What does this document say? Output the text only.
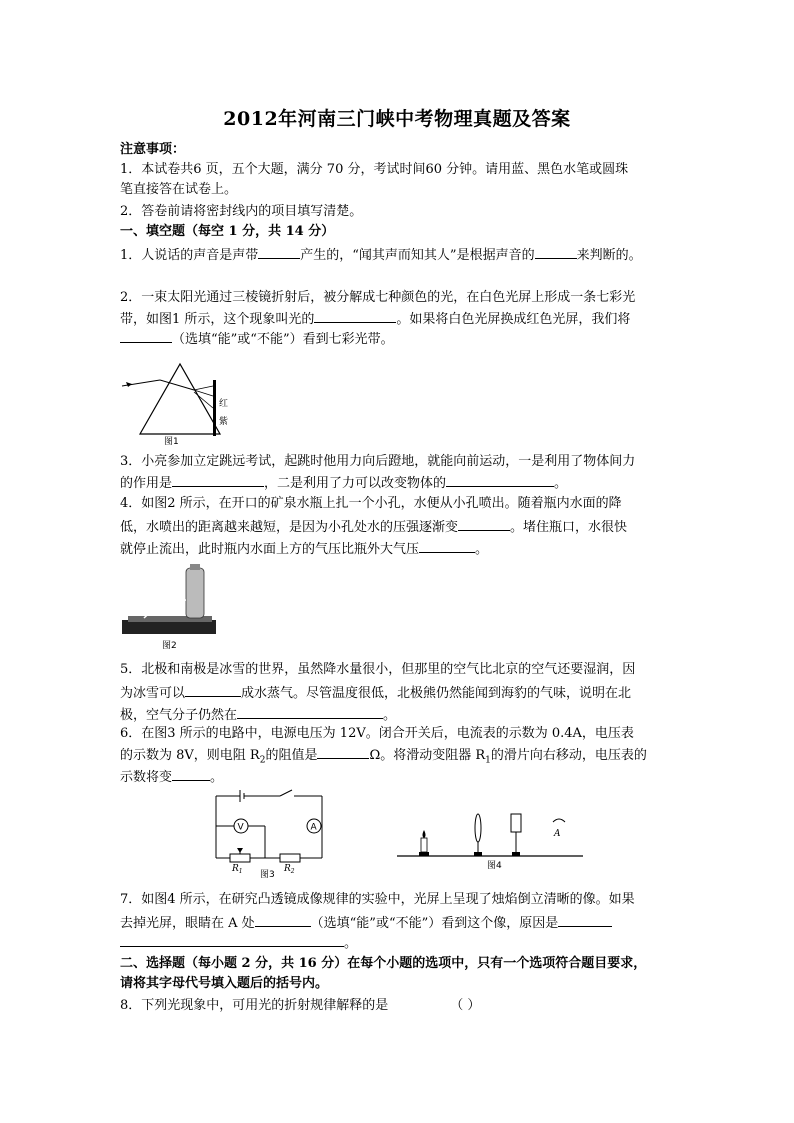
2012年河南三门峡中考物理真题及答案
注意事项：
1．本试卷共6 页，五个大题，满分 70 分，考试时间60 分钟。请用蓝、黑色水笔或圆珠
笔直接答在试卷上。
2．答卷前请将密封线内的项目填写清楚。
一、填空题（每空 1 分，共 14 分）
1．人说话的声音是声带	产生的，“闻其声而知其人”是根据声音的	来判断的。
2．一束太阳光通过三棱镜折射后，被分解成七种颜色的光，在白色光屏上形成一条七彩光
带，如图1 所示，这个现象叫光的	。如果将白色光屏换成红色光屏，我们将
（选填“能”或“不能”）看到七彩光带。
红
紫
图1
3．小亮参加立定跳远考试，起跳时他用力向后蹬地，就能向前运动，一是利用了物体间力
的作用是	，二是利用了力可以改变物体的	。
4．如图2 所示，在开口的矿泉水瓶上扎一个小孔，水便从小孔喷出。随着瓶内水面的降
低，水喷出的距离越来越短，是因为小孔处水的压强逐渐变	。堵住瓶口，水很快
就停止流出，此时瓶内水面上方的气压比瓶外大气压	。
图2
5．北极和南极是冰雪的世界，虽然降水量很小，但那里的空气比北京的空气还要湿润，因
为冰雪可以	成水蒸气。尽管温度很低，北极熊仍然能闻到海豹的气味，说明在北
极，空气分子仍然在	。
6．在图3 所示的电路中，电源电压为 12V。闭合开关后，电流表的示数为 0.4A，电压表
的示数为 8V，则电阻 $R_2$的阻值是	Ω。将滑动变阻器 $R_1$的滑片向右移动，电压表的
示数将变	。
V	A
$R_1$	$R_2$
图3
A
图4
7．如图4 所示，在研究凸透镜成像规律的实验中，光屏上呈现了烛焰倒立清晰的像。如果
去掉光屏，眼睛在 A 处	（选填“能”或“不能”）看到这个像，原因是
。
二、选择题（每小题 2 分，共 16 分）在每个小题的选项中，只有一个选项符合题目要求，
请将其字母代号填入题后的括号内。
8．下列光现象中，可用光的折射规律解释的是	（ ）
